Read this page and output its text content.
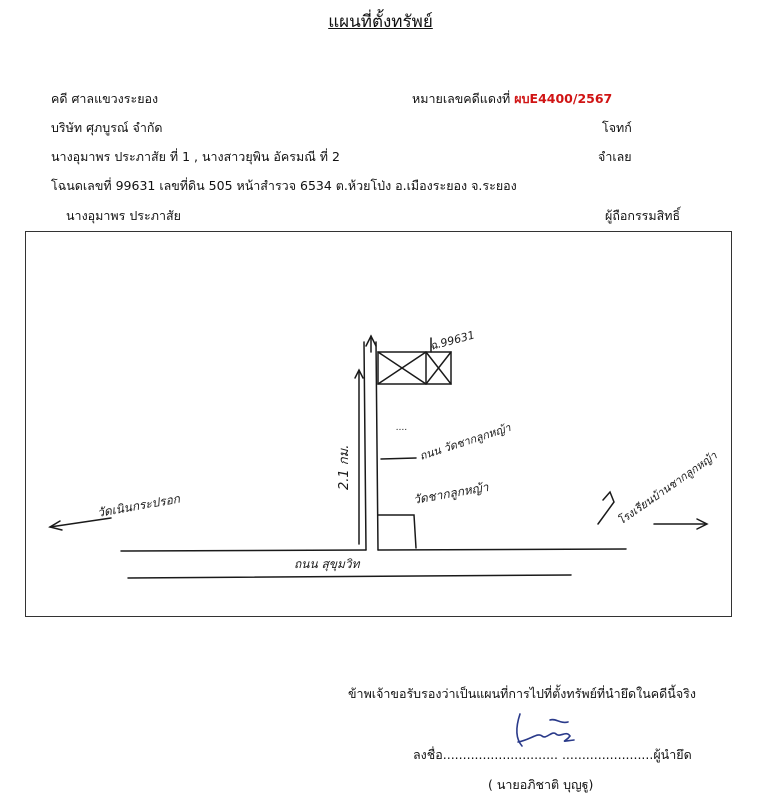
แผนที่ตั้งทรัพย์
คดี ศาลแขวงระยอง	หมายเลขคดีแดงที่ ผบE4400/2567
บริษัท ศุภบูรณ์ จำกัด	โจทก์
นางอุมาพร ประภาสัย ที่ 1 , นางสาวยุพิน อัครมณี ที่ 2	จำเลย
โฉนดเลขที่ 99631 เลขที่ดิน 505 หน้าสำรวจ 6534 ต.ห้วยโป่ง อ.เมืองระยอง จ.ระยอง
นางอุมาพร ประภาสัย	ผู้ถือกรรมสิทธิ์
ฉ.99631
....
2.1 กม.
ถนน วัดชากลูกหญ้า
วัดชากลูกหญ้า
วัดเนินกระปรอก	โรงเรียนบ้านชากลูกหญ้า
ถนน สุขุมวิท
ข้าพเจ้าขอรับรองว่าเป็นแผนที่การไปที่ตั้งทรัพย์ที่นำยึดในคดีนี้จริง
ลงชื่อ............................. .......................ผู้นำยึด
( นายอภิชาติ บุญฐู)
